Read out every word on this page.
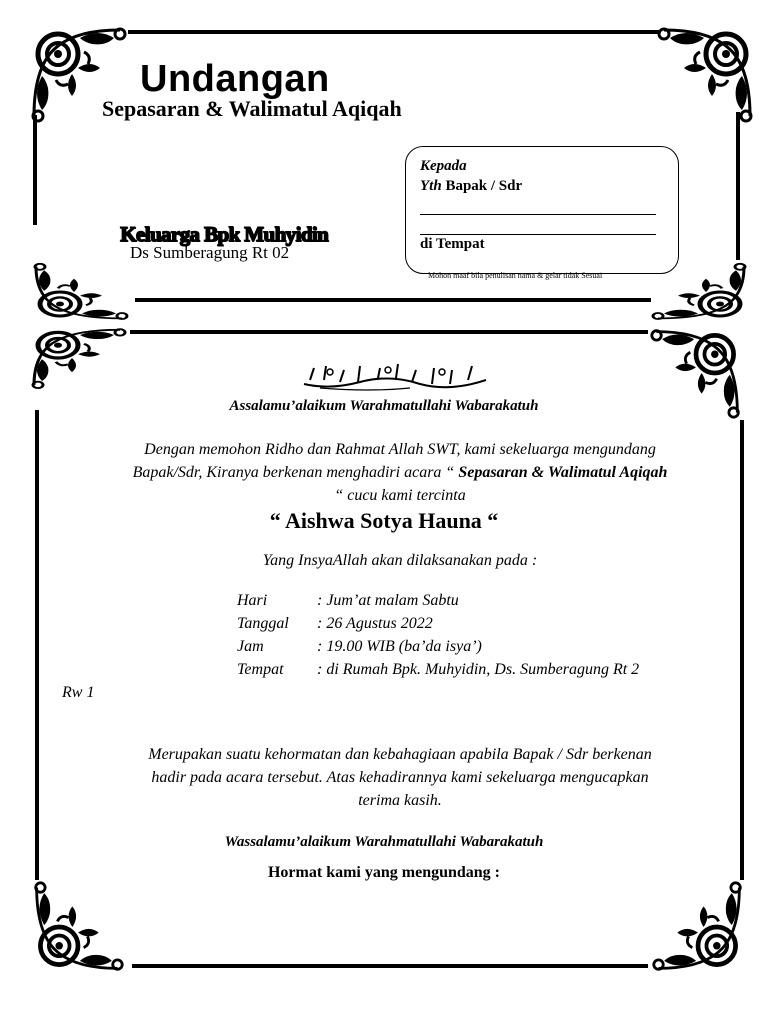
Undangan
Sepasaran & Walimatul Aqiqah
Keluarga Bpk Muhyidin
Ds Sumberagung Rt 02
Kepada
Yth Bapak / Sdr
di Tempat
Mohon maaf bila penulisan nama & gelar tidak Sesuai
Assalamu’alaikum Warahmatullahi Wabarakatuh
Dengan memohon Ridho dan Rahmat Allah SWT, kami sekeluarga mengundang
Bapak/Sdr, Kiranya berkenan menghadiri acara “ Sepasaran & Walimatul Aqiqah
“ cucu kami tercinta
“ Aishwa Sotya Hauna “
Yang InsyaAllah akan dilaksanakan pada :
Hari	: Jum’at malam Sabtu
Tanggal : 26 Agustus 2022
Jam	: 19.00 WIB (ba’da isya’)
Tempat : di Rumah Bpk. Muhyidin, Ds. Sumberagung Rt 2
Rw 1
Merupakan suatu kehormatan dan kebahagiaan apabila Bapak / Sdr berkenan
hadir pada acara tersebut. Atas kehadirannya kami sekeluarga mengucapkan
terima kasih.
Wassalamu’alaikum Warahmatullahi Wabarakatuh
Hormat kami yang mengundang :
